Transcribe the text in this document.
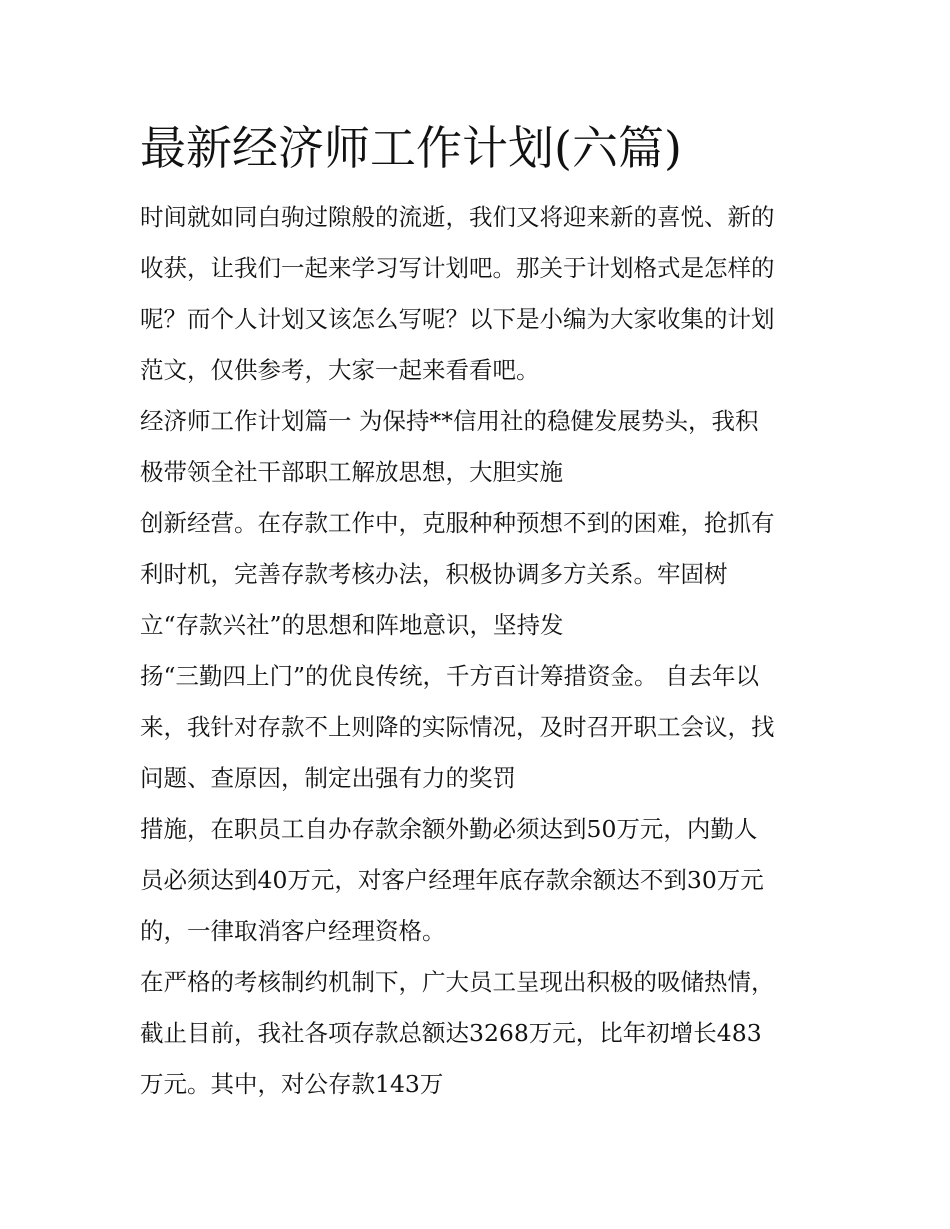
最新经济师工作计划(六篇)

时间就如同白驹过隙般的流逝，我们又将迎来新的喜悦、新的

收获，让我们一起来学习写计划吧。那关于计划格式是怎样的

呢？而个人计划又该怎么写呢？以下是小编为大家收集的计划

范文，仅供参考，大家一起来看看吧。

经济师工作计划篇一 为保持**信用社的稳健发展势头，我积

极带领全社干部职工解放思想，大胆实施

创新经营。在存款工作中，克服种种预想不到的困难，抢抓有

利时机，完善存款考核办法，积极协调多方关系。牢固树

立“存款兴社”的思想和阵地意识，坚持发

扬“三勤四上门”的优良传统，千方百计筹措资金。 自去年以

来，我针对存款不上则降的实际情况，及时召开职工会议，找

问题、查原因，制定出强有力的奖罚

措施，在职员工自办存款余额外勤必须达到50万元，内勤人

员必须达到40万元，对客户经理年底存款余额达不到30万元

的，一律取消客户经理资格。

在严格的考核制约机制下，广大员工呈现出积极的吸储热情，

截止目前，我社各项存款总额达3268万元，比年初增长483

万元。其中，对公存款143万
